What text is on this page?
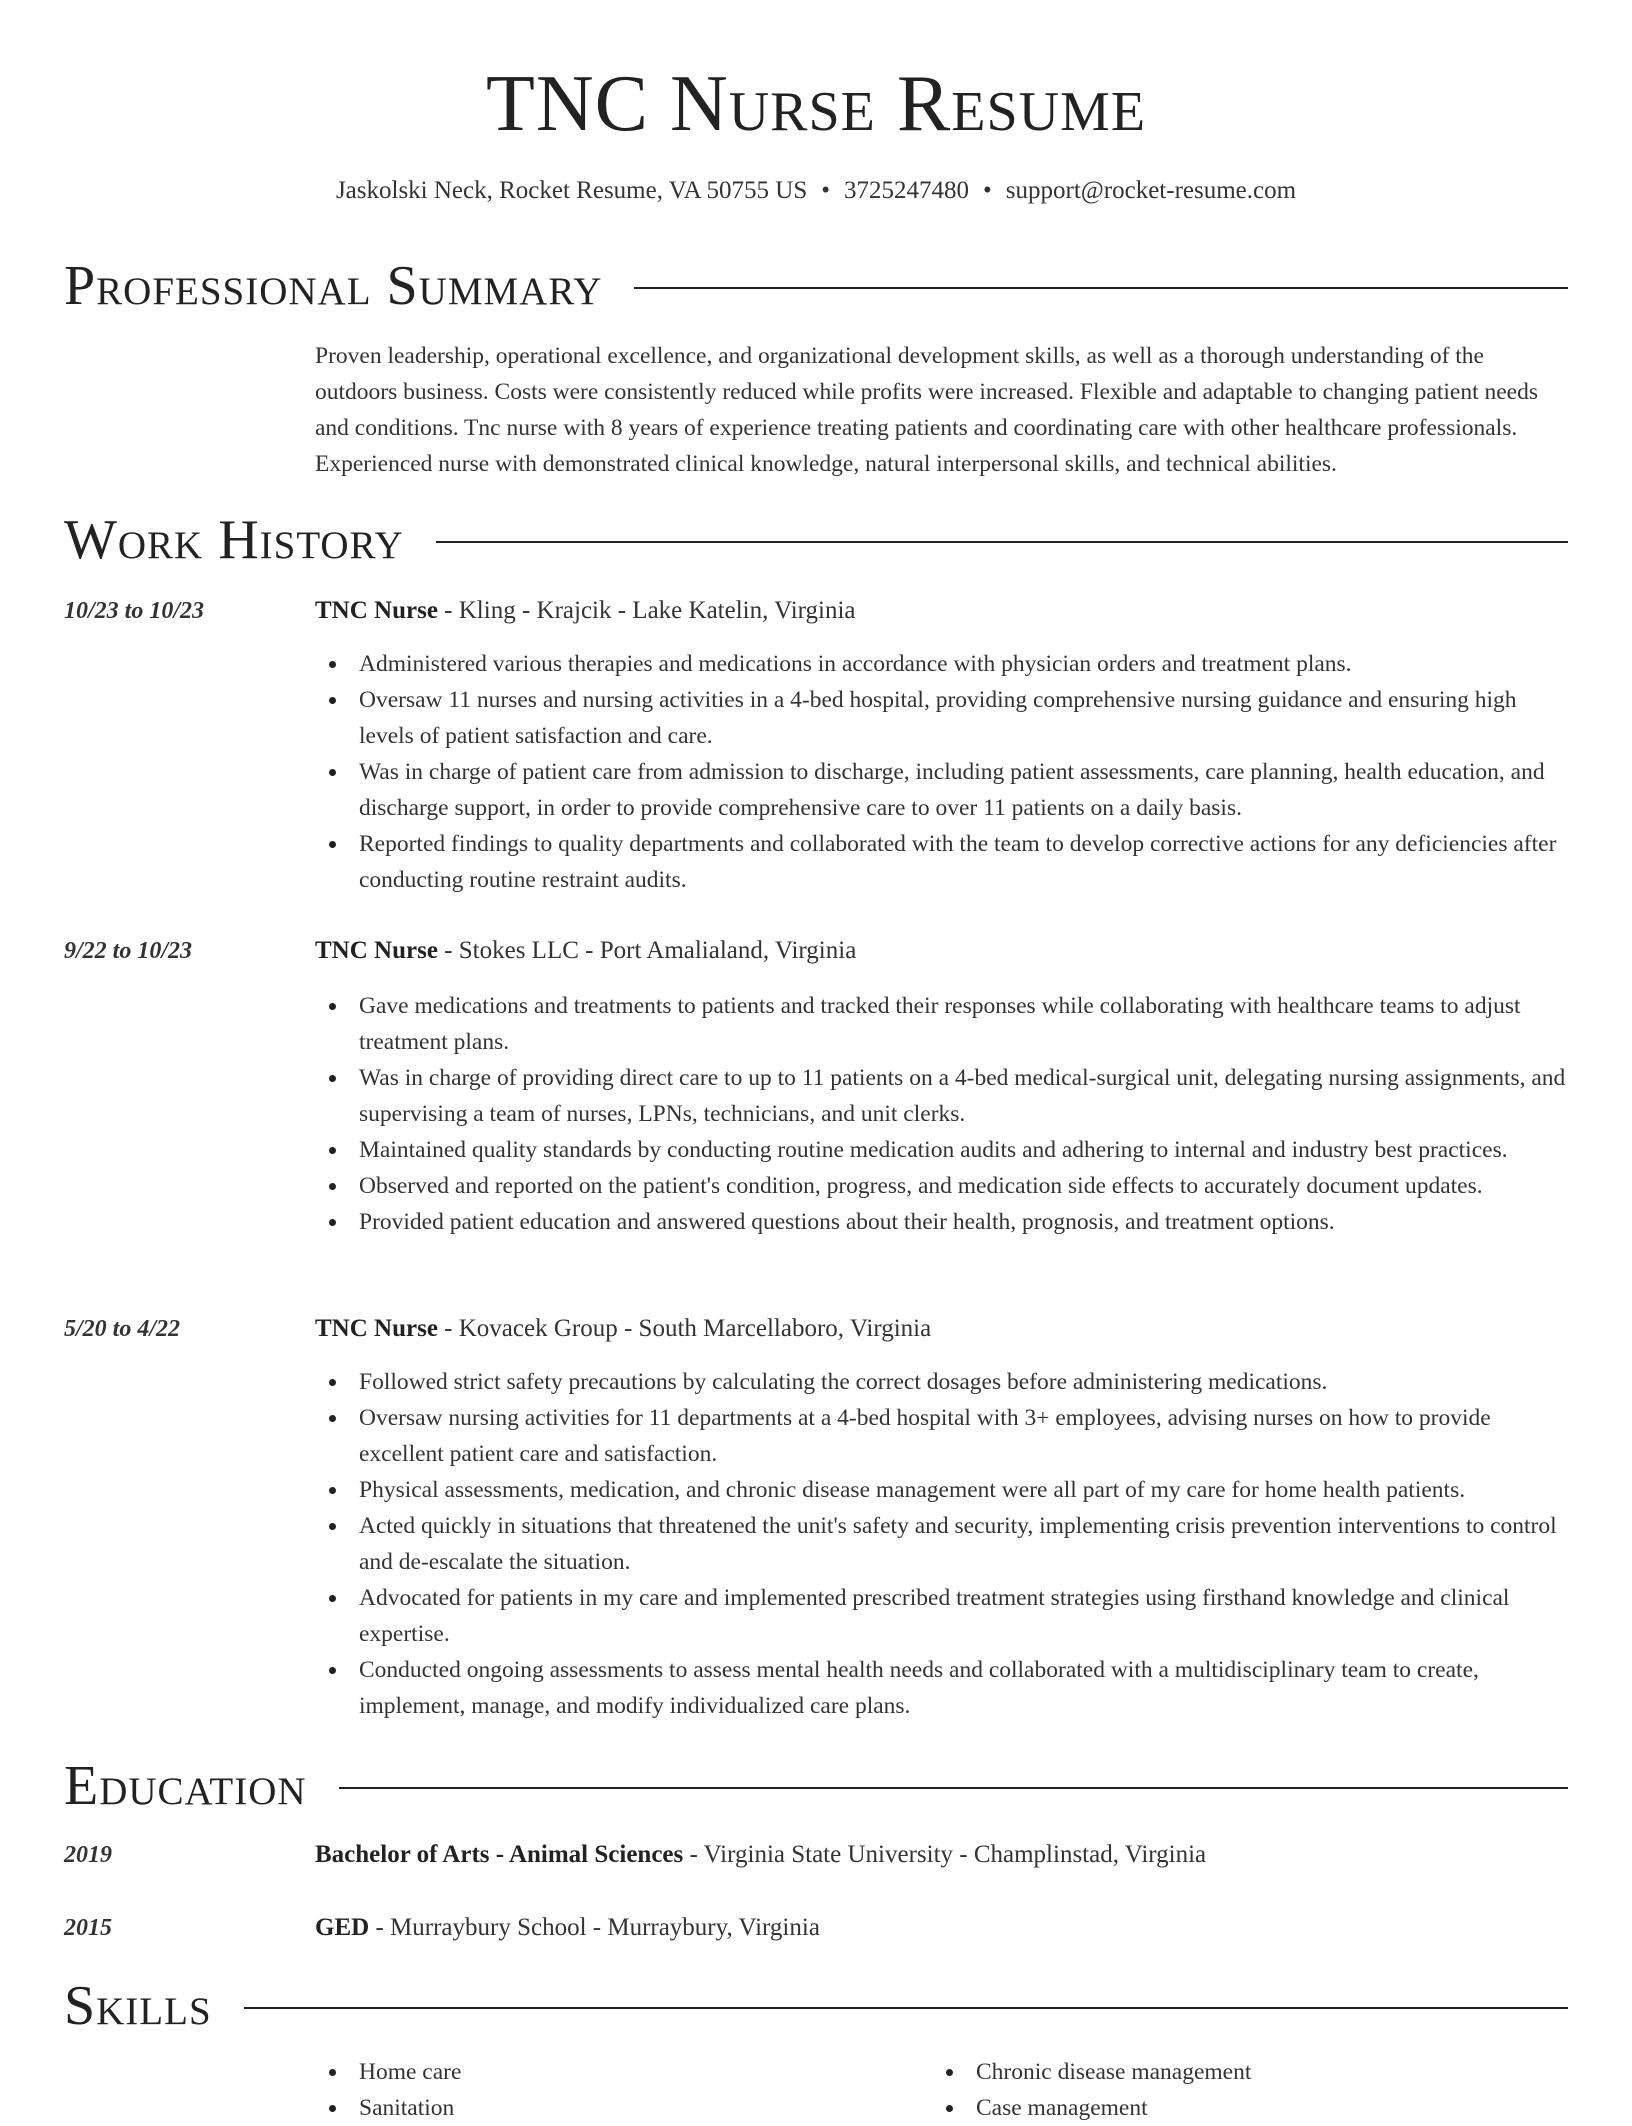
TNC Nurse Resume
Jaskolski Neck, Rocket Resume, VA 50755 US • 3725247480 • support@rocket-resume.com
Professional Summary
Proven leadership, operational excellence, and organizational development skills, as well as a thorough understanding of the outdoors business. Costs were consistently reduced while profits were increased. Flexible and adaptable to changing patient needs and conditions. Tnc nurse with 8 years of experience treating patients and coordinating care with other healthcare professionals. Experienced nurse with demonstrated clinical knowledge, natural interpersonal skills, and technical abilities.
Work History
10/23 to 10/23	TNC Nurse - Kling - Krajcik - Lake Katelin, Virginia
Administered various therapies and medications in accordance with physician orders and treatment plans.
Oversaw 11 nurses and nursing activities in a 4-bed hospital, providing comprehensive nursing guidance and ensuring high levels of patient satisfaction and care.
Was in charge of patient care from admission to discharge, including patient assessments, care planning, health education, and discharge support, in order to provide comprehensive care to over 11 patients on a daily basis.
Reported findings to quality departments and collaborated with the team to develop corrective actions for any deficiencies after conducting routine restraint audits.
9/22 to 10/23	TNC Nurse - Stokes LLC - Port Amalialand, Virginia
Gave medications and treatments to patients and tracked their responses while collaborating with healthcare teams to adjust treatment plans.
Was in charge of providing direct care to up to 11 patients on a 4-bed medical-surgical unit, delegating nursing assignments, and supervising a team of nurses, LPNs, technicians, and unit clerks.
Maintained quality standards by conducting routine medication audits and adhering to internal and industry best practices.
Observed and reported on the patient's condition, progress, and medication side effects to accurately document updates.
Provided patient education and answered questions about their health, prognosis, and treatment options.
5/20 to 4/22	TNC Nurse - Kovacek Group - South Marcellaboro, Virginia
Followed strict safety precautions by calculating the correct dosages before administering medications.
Oversaw nursing activities for 11 departments at a 4-bed hospital with 3+ employees, advising nurses on how to provide excellent patient care and satisfaction.
Physical assessments, medication, and chronic disease management were all part of my care for home health patients.
Acted quickly in situations that threatened the unit's safety and security, implementing crisis prevention interventions to control and de-escalate the situation.
Advocated for patients in my care and implemented prescribed treatment strategies using firsthand knowledge and clinical expertise.
Conducted ongoing assessments to assess mental health needs and collaborated with a multidisciplinary team to create, implement, manage, and modify individualized care plans.
Education
2019	Bachelor of Arts - Animal Sciences - Virginia State University - Champlinstad, Virginia
2015	GED - Murraybury School - Murraybury, Virginia
Skills
Home care
Sanitation
Chronic disease management
Case management
